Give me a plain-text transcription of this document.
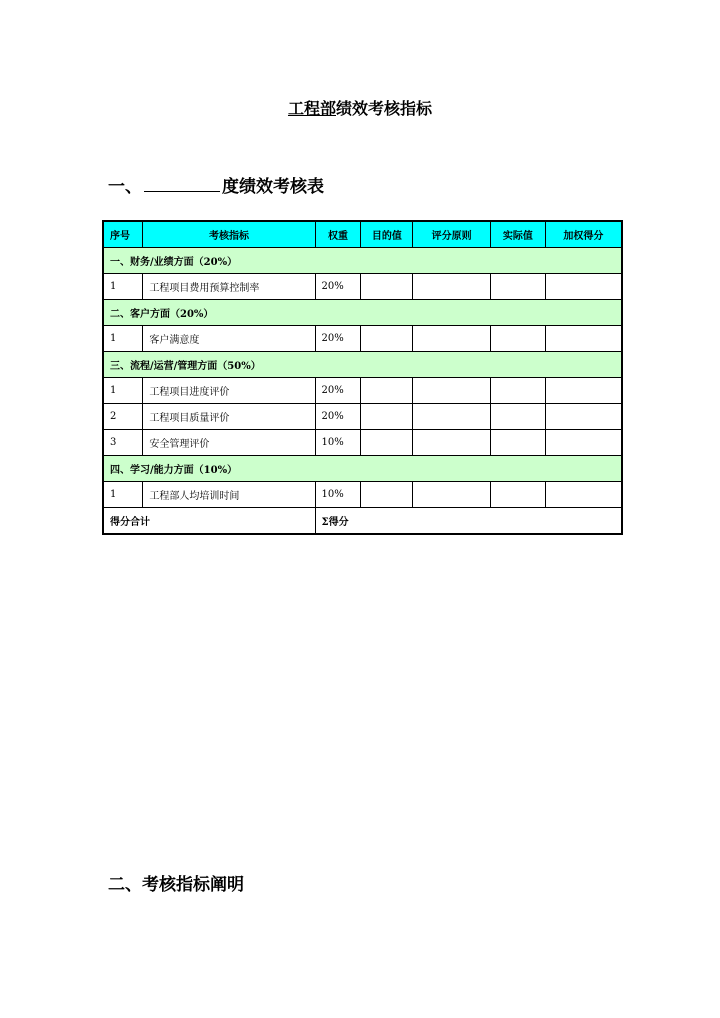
工程部绩效考核指标
一、	度绩效考核表
序号	考核指标	权重	目的值	评分原则	实际值	加权得分
一、财务/业绩方面（20%）						
1	工程项目费用预算控制率	20%				
二、客户方面（20%）						
1	客户满意度	20%				
三、流程/运营/管理方面（50%）						
1	工程项目进度评价	20%				
2	工程项目质量评价	20%				
3	安全管理评价	10%				
四、学习/能力方面（10%）						
1	工程部人均培训时间	10%				
得分合计		Σ得分				
二、考核指标阐明
